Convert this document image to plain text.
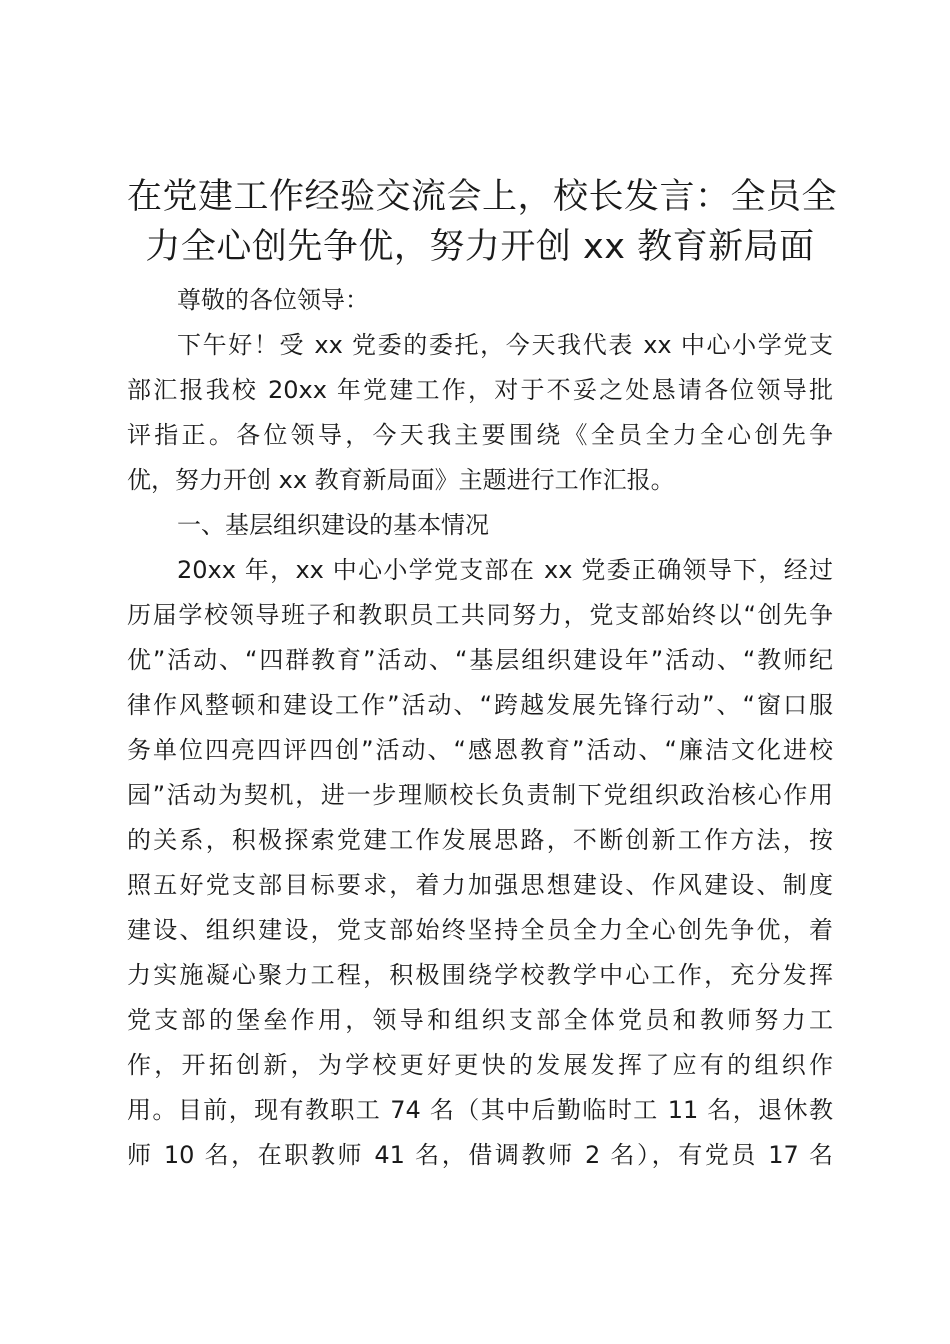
在党建工作经验交流会上，校长发言：全员全
力全心创先争优，努力开创 xx 教育新局面

尊敬的各位领导：

下午好！受 xx 党委的委托，今天我代表 xx 中心小学党支
部汇报我校 20xx 年党建工作，对于不妥之处恳请各位领导批
评指正。各位领导，今天我主要围绕《全员全力全心创先争
优，努力开创 xx 教育新局面》主题进行工作汇报。

一、基层组织建设的基本情况

20xx 年，xx 中心小学党支部在 xx 党委正确领导下，经过
历届学校领导班子和教职员工共同努力，党支部始终以“创先争
优”活动、“四群教育”活动、“基层组织建设年”活动、“教师纪
律作风整顿和建设工作”活动、“跨越发展先锋行动”、“窗口服
务单位四亮四评四创”活动、“感恩教育”活动、“廉洁文化进校
园”活动为契机，进一步理顺校长负责制下党组织政治核心作用
的关系，积极探索党建工作发展思路，不断创新工作方法，按
照五好党支部目标要求，着力加强思想建设、作风建设、制度
建设、组织建设，党支部始终坚持全员全力全心创先争优，着
力实施凝心聚力工程，积极围绕学校教学中心工作，充分发挥
党支部的堡垒作用，领导和组织支部全体党员和教师努力工
作，开拓创新，为学校更好更快的发展发挥了应有的组织作
用。目前，现有教职工 74 名（其中后勤临时工 11 名，退休教
师 10 名，在职教师 41 名，借调教师 2 名），有党员 17 名
